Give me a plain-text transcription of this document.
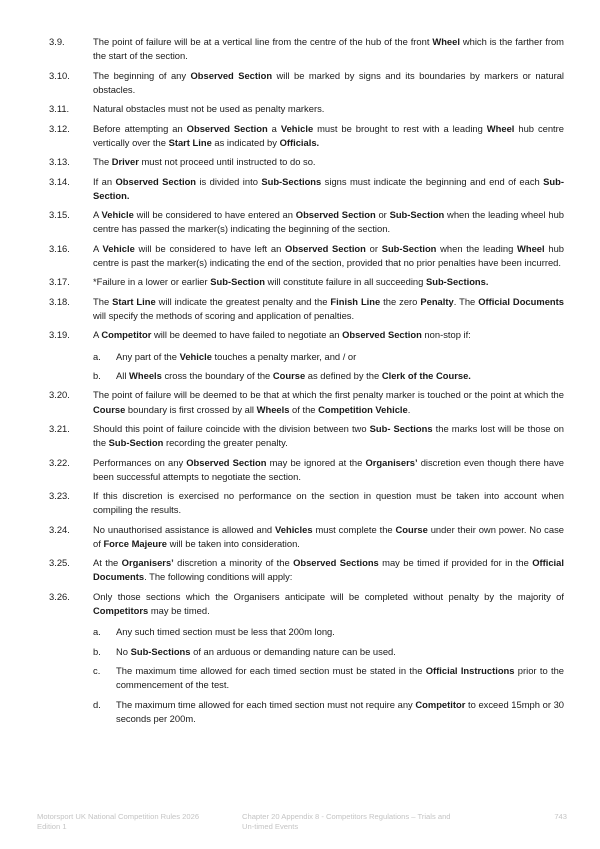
3.9.	The point of failure will be at a vertical line from the centre of the hub of the front Wheel which is the farther from the start of the section.
3.10.	The beginning of any Observed Section will be marked by signs and its boundaries by markers or natural obstacles.
3.11.	Natural obstacles must not be used as penalty markers.
3.12.	Before attempting an Observed Section a Vehicle must be brought to rest with a leading Wheel hub centre vertically over the Start Line as indicated by Officials.
3.13.	The Driver must not proceed until instructed to do so.
3.14.	If an Observed Section is divided into Sub-Sections signs must indicate the beginning and end of each Sub-Section.
3.15.	A Vehicle will be considered to have entered an Observed Section or Sub-Section when the leading wheel hub centre has passed the marker(s) indicating the beginning of the section.
3.16.	A Vehicle will be considered to have left an Observed Section or Sub-Section when the leading Wheel hub centre is past the marker(s) indicating the end of the section, provided that no prior penalties have been incurred.
3.17.	*Failure in a lower or earlier Sub-Section will constitute failure in all succeeding Sub-Sections.
3.18.	The Start Line will indicate the greatest penalty and the Finish Line the zero Penalty. The Official Documents will specify the methods of scoring and application of penalties.
3.19.	A Competitor will be deemed to have failed to negotiate an Observed Section non-stop if:
a.	Any part of the Vehicle touches a penalty marker, and / or
b.	All Wheels cross the boundary of the Course as defined by the Clerk of the Course.
3.20.	The point of failure will be deemed to be that at which the first penalty marker is touched or the point at which the Course boundary is first crossed by all Wheels of the Competition Vehicle.
3.21.	Should this point of failure coincide with the division between two Sub- Sections the marks lost will be those on the Sub-Section recording the greater penalty.
3.22.	Performances on any Observed Section may be ignored at the Organisers’ discretion even though there have been successful attempts to negotiate the section.
3.23.	If this discretion is exercised no performance on the section in question must be taken into account when compiling the results.
3.24.	No unauthorised assistance is allowed and Vehicles must complete the Course under their own power. No case of Force Majeure will be taken into consideration.
3.25.	At the Organisers’ discretion a minority of the Observed Sections may be timed if provided for in the Official Documents. The following conditions will apply:
3.26.	Only those sections which the Organisers anticipate will be completed without penalty by the majority of Competitors may be timed.
a.	Any such timed section must be less that 200m long.
b.	No Sub-Sections of an arduous or demanding nature can be used.
c.	The maximum time allowed for each timed section must be stated in the Official Instructions prior to the commencement of the test.
d.	The maximum time allowed for each timed section must not require any Competitor to exceed 15mph or 30 seconds per 200m.
Motorsport UK National Competition Rules 2026
Edition 1
Chapter 20 Appendix 8 - Competitors Regulations – Trials and
Un-timed Events
743
